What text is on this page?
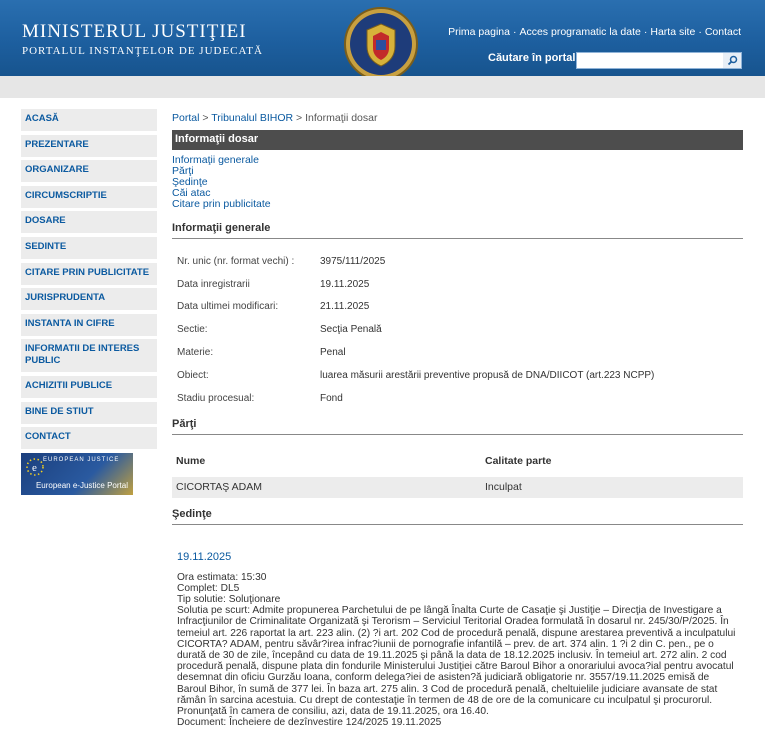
MINISTERUL JUSTIŢIEI
PORTALUL INSTANŢELOR DE JUDECATĂ
Prima pagina · Acces programatic la date · Harta site · Contact
Căutare în portal
ACASĂ
PREZENTARE
ORGANIZARE
CIRCUMSCRIPTIE
DOSARE
SEDINTE
CITARE PRIN PUBLICITATE
JURISPRUDENTA
INSTANTA IN CIFRE
INFORMATII DE INTERES PUBLIC
ACHIZITII PUBLICE
BINE DE STIUT
CONTACT
e
EUROPEAN JUSTICE
European e-Justice Portal
Portal > Tribunalul BIHOR > Informaţii dosar
Informaţii dosar
Informaţii generale
Părţi
Şedinţe
Căi atac
Citare prin publicitate
Informaţii generale
Nr. unic (nr. format vechi) :	3975/111/2025
Data inregistrarii	19.11.2025
Data ultimei modificari:	21.11.2025
Sectie:	Secţia Penală
Materie:	Penal
Obiect:	luarea măsurii arestării preventive propusă de DNA/DIICOT (art.223 NCPP)
Stadiu procesual:	Fond
Părţi
Nume	Calitate parte
CICORTAŞ ADAM	Inculpat
Şedinţe
19.11.2025
Ora estimata: 15:30
Complet: DL5
Tip solutie: Soluţionare
Solutia pe scurt: Admite propunerea Parchetului de pe lângă Înalta Curte de Casaţie şi Justiţie – Direcţia de Investigare a Infracţiunilor de Criminalitate Organizată şi Terorism – Serviciul Teritorial Oradea formulată în dosarul nr. 245/30/P/2025. În temeiul art. 226 raportat la art. 223 alin. (2) ?i art. 202 Cod de procedură penală, dispune arestarea preventivă a inculpatului CICORTA? ADAM, pentru săvâr?irea infrac?iunii de pornografie infantilă – prev. de art. 374 alin. 1 ?i 2 din C. pen., pe o durată de 30 de zile, începând cu data de 19.11.2025 şi până la data de 18.12.2025 inclusiv. În temeiul art. 272 alin. 2 cod procedură penală, dispune plata din fondurile Ministerului Justiţiei către Baroul Bihor a onorariului avoca?ial pentru avocatul desemnat din oficiu Gurzău Ioana, conform delega?iei de asisten?ă judiciară obligatorie nr. 3557/19.11.2025 emisă de Baroul Bihor, în sumă de 377 lei. În baza art. 275 alin. 3 Cod de procedură penală, cheltuielile judiciare avansate de stat rămân în sarcina acestuia. Cu drept de contestaţie în termen de 48 de ore de la comunicare cu inculpatul şi procurorul. Pronunţată în camera de consiliu, azi, data de 19.11.2025, ora 16.40.
Document: Încheiere de dezînvestire 124/2025 19.11.2025
